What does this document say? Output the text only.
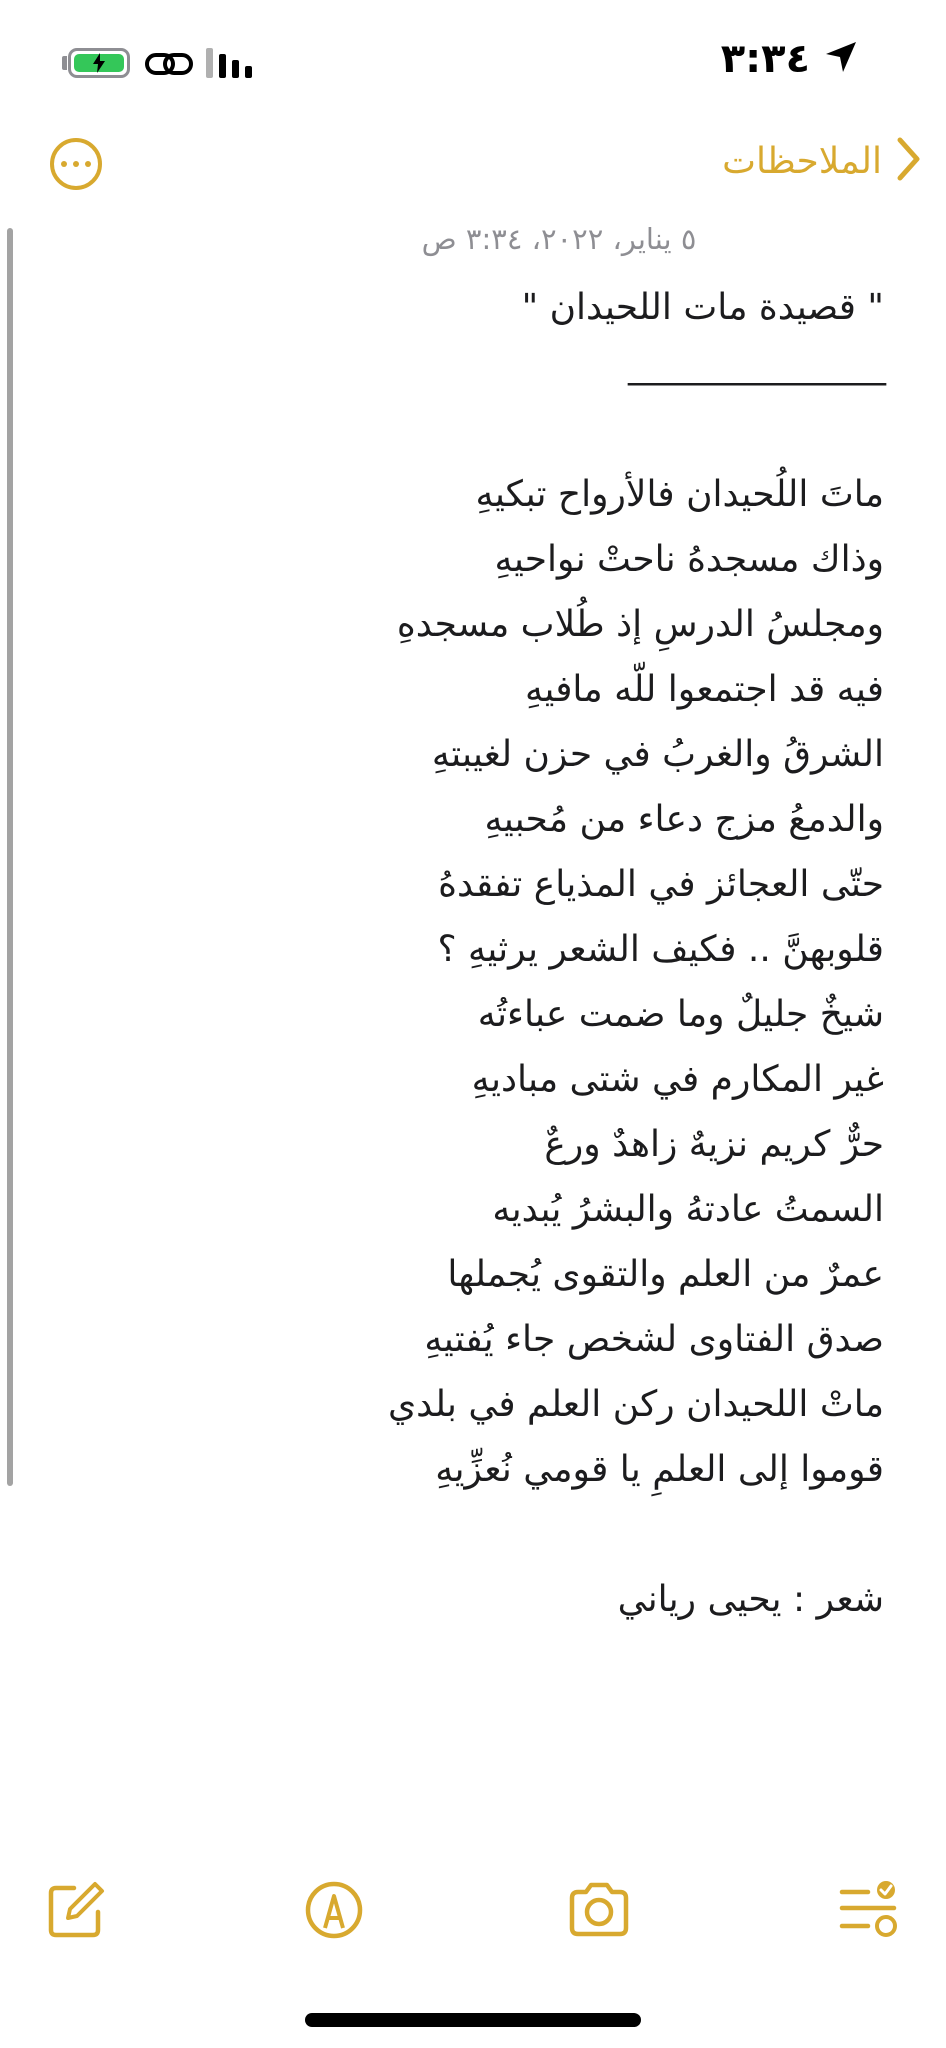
٣:٣٤
الملاحظات
٥ يناير، ٢٠٢٢، ٣:٣٤ ص
" قصيدة مات اللحيدان "
________________
ماتَ اللُحيدان فالأرواح تبكيهِ
وذاك مسجدهُ ناحتْ نواحيهِ
ومجلسُ الدرسِ إذ طُلاب مسجدهِ
فيه قد اجتمعوا للّه مافيهِ
الشرقُ والغربُ في حزن لغيبتهِ
والدمعُ مزج دعاء من مُحبيهِ
حتّى العجائز في المذياع تفقدهُ
قلوبهنَّ .. فكيف الشعر يرثيهِ ؟
شيخٌ جليلٌ وما ضمت عباءتُه
غير المكارم في شتى مباديهِ
حرٌّ كريم نزيهٌ زاهدٌ ورعٌ
السمتُ عادتهُ والبشرُ يُبديه
عمرٌ من العلم والتقوى يُجملها
صدق الفتاوى لشخص جاء يُفتيهِ
ماتْ اللحيدان ركن العلم في بلدي
قوموا إلى العلمِ يا قومي نُعزِّيهِ
شعر : يحيى رياني
